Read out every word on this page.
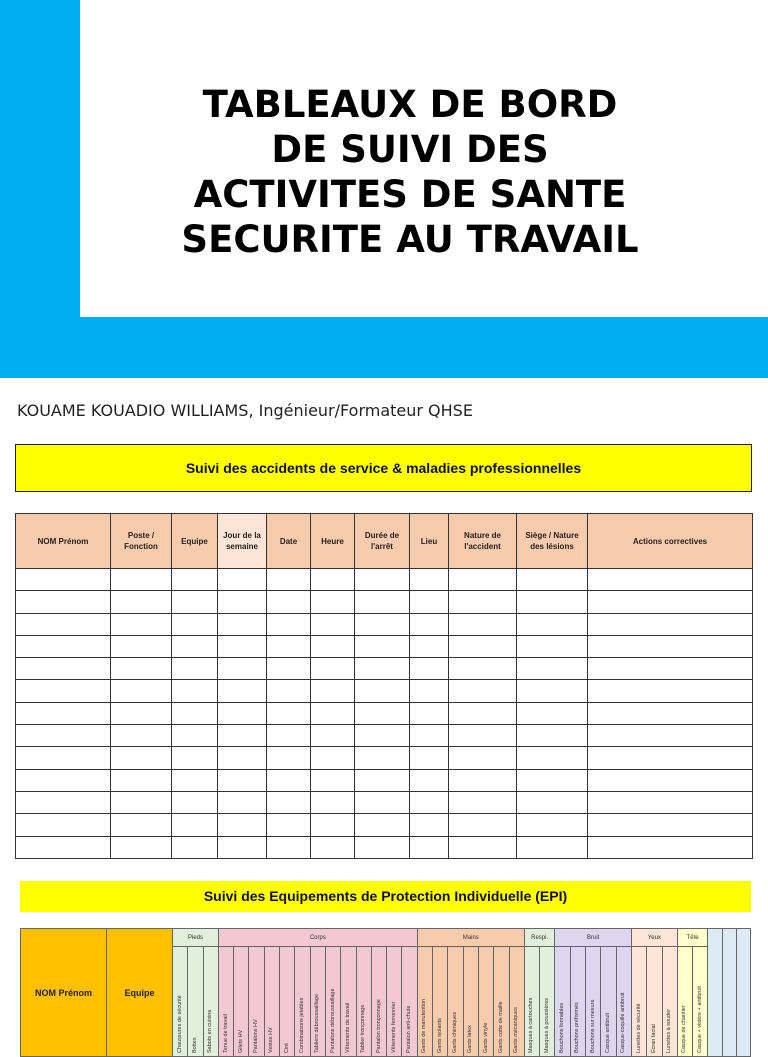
TABLEAUX DE BORD
DE SUIVI DES
ACTIVITES DE SANTE
SECURITE AU TRAVAIL
KOUAME KOUADIO WILLIAMS, Ingénieur/Formateur QHSE
Suivi des accidents de service & maladies professionnelles
NOM Prénom	Poste / Fonction	Equipe	Jour de la semaine	Date	Heure	Durée de l'arrêt	Lieu	Nature de l'accident	Siège / Nature des lésions	Actions correctives

Suivi des Equipements de Protection Individuelle (EPI)
NOM Prénom	Equipe	Pieds			Corps													Mains							Respi.		Bruit					Yeux			Tête				

		Chaussures de sécurité	Bottes	Sabots en cuisine	Tenue de travail	Gilets HV	Pantalons HV	Vestes HV	Ciré	Combinaisons jetables	Tabliers débroussaillage	Pantalons débroussaillage	Vêtements de travail	Tablier tronçonnage	Pantalon tronçonnage	Vêtements ferronnier	Pantalon anti-chute	Gants de manutention	Gants isolants	Gants chimiques	Gants latex	Gants vinyle	Gants cotte de maille	Gants mécaniques	Masques à cartouches	Masques à poussières	Bouchons formables	Bouchons préformés	Bouchons sur mesure	Casque antibruit	Casque-coquille antibruit	Lunettes de sécurité	Écran facial	Lunettes à souder	Casque de chantier	Casque + visière + antibruit			
